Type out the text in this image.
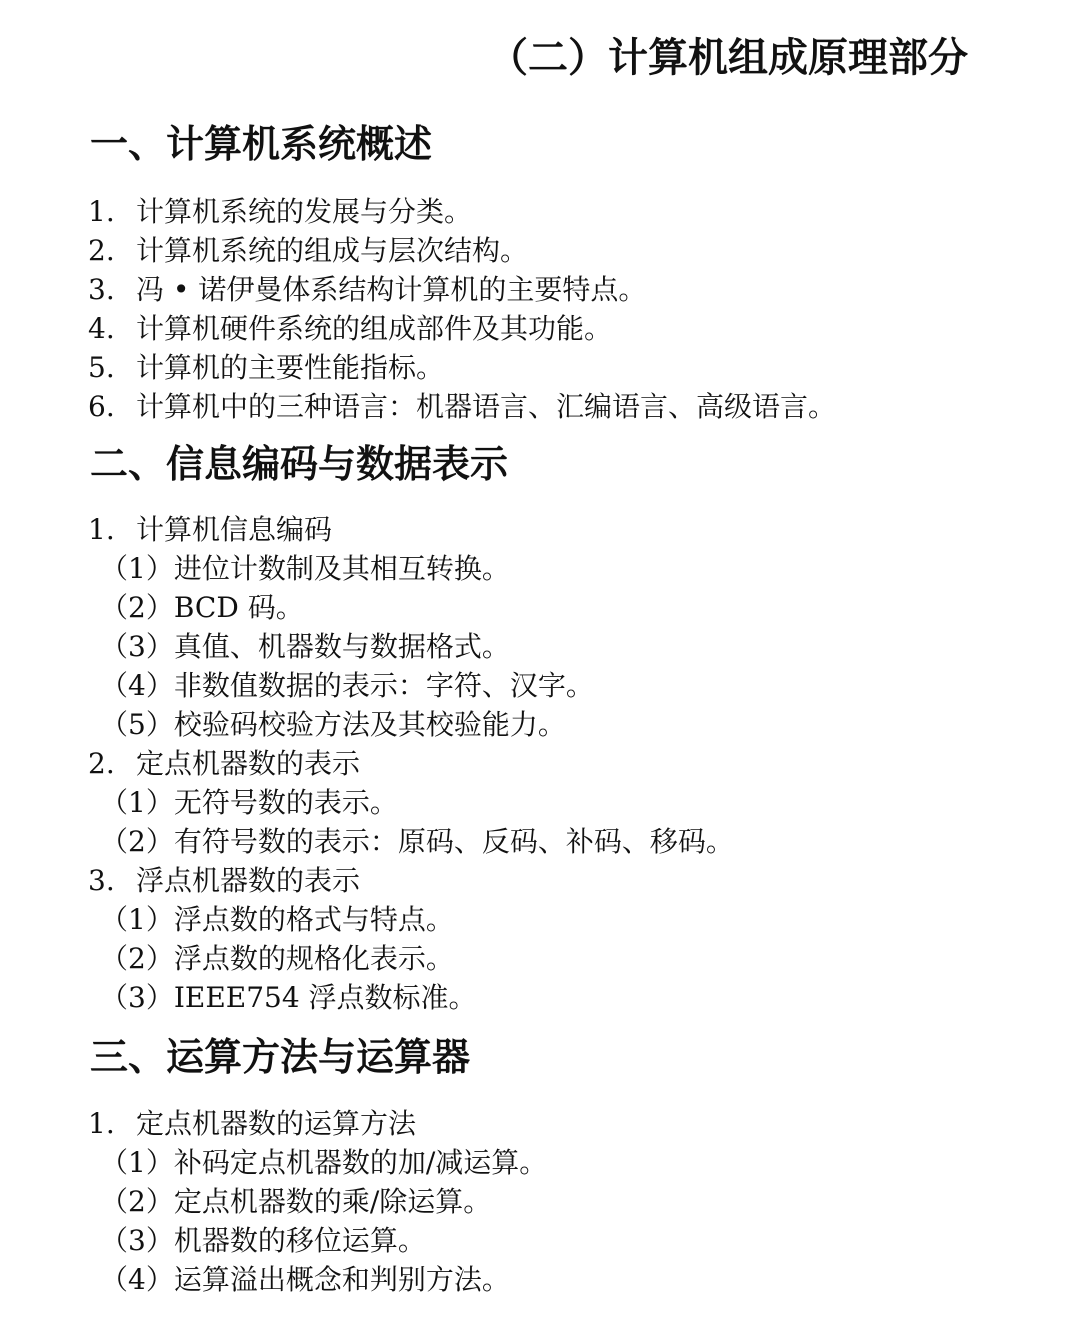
（二）计算机组成原理部分
一、计算机系统概述
1. 计算机系统的发展与分类。
2. 计算机系统的组成与层次结构。
3. 冯 • 诺伊曼体系结构计算机的主要特点。
4. 计算机硬件系统的组成部件及其功能。
5. 计算机的主要性能指标。
6. 计算机中的三种语言：机器语言、汇编语言、高级语言。
二、信息编码与数据表示
1. 计算机信息编码
（1）进位计数制及其相互转换。
（2）BCD 码。
（3）真值、机器数与数据格式。
（4）非数值数据的表示：字符、汉字。
（5）校验码校验方法及其校验能力。
2. 定点机器数的表示
（1）无符号数的表示。
（2）有符号数的表示：原码、反码、补码、移码。
3. 浮点机器数的表示
（1）浮点数的格式与特点。
（2）浮点数的规格化表示。
（3）IEEE754 浮点数标准。
三、运算方法与运算器
1. 定点机器数的运算方法
（1）补码定点机器数的加/减运算。
（2）定点机器数的乘/除运算。
（3）机器数的移位运算。
（4）运算溢出概念和判别方法。
